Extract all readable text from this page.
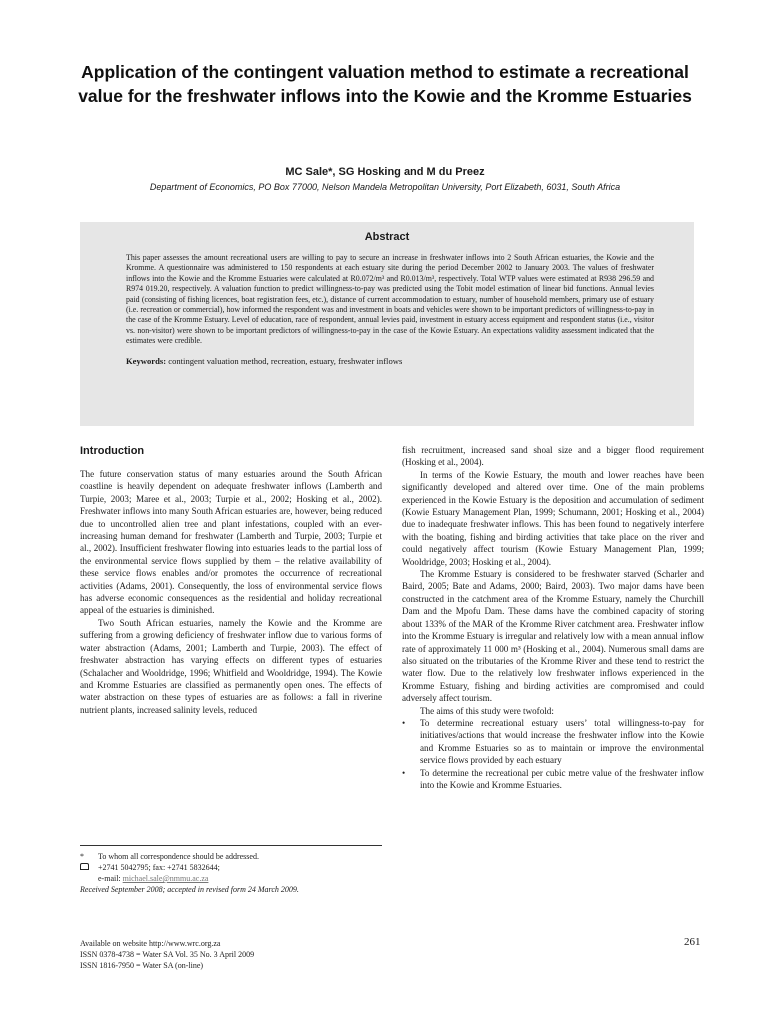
Application of the contingent valuation method to estimate a recreational value for the freshwater inflows into the Kowie and the Kromme Estuaries
MC Sale*, SG Hosking and M du Preez
Department of Economics, PO Box 77000, Nelson Mandela Metropolitan University, Port Elizabeth, 6031, South Africa
Abstract

This paper assesses the amount recreational users are willing to pay to secure an increase in freshwater inflows into 2 South African estuaries, the Kowie and the Kromme. A questionnaire was administered to 150 respondents at each estuary site during the period December 2002 to January 2003. The values of freshwater inflows into the Kowie and the Kromme Estuaries were calculated at R0.072/m³ and R0.013/m³, respectively. Total WTP values were estimated at R938 296.59 and R974 019.20, respectively. A valuation function to predict willingness-to-pay was predicted using the Tobit model estimation of linear bid functions. Annual levies paid (consisting of fishing licences, boat registration fees, etc.), distance of current accommodation to estuary, number of household members, primary use of estuary (i.e. recreation or commercial), how informed the respondent was and investment in boats and vehicles were shown to be important predictors of willingness-to-pay in the case of the Kromme Estuary. Level of education, race of respondent, annual levies paid, investment in estuary access equipment and respondent status (i.e., visitor vs. non-visitor) were shown to be important predictors of willingness-to-pay in the case of the Kowie Estuary. An expectations validity assessment indicated that the estimates were credible.

Keywords: contingent valuation method, recreation, estuary, freshwater inflows

Introduction

The future conservation status of many estuaries around the South African coastline is heavily dependent on adequate freshwater inflows (Lamberth and Turpie, 2003; Maree et al., 2003; Turpie et al., 2002; Hosking et al., 2002). Freshwater inflows into many South African estuaries are, however, being reduced due to uncontrolled alien tree and plant infestations, coupled with an ever-increasing human demand for freshwater (Lamberth and Turpie, 2003; Turpie et al., 2002). Insufficient freshwater flowing into estuaries leads to the partial loss of the environmental service flows supplied by them – the relative availability of these service flows enables and/or promotes the occurrence of recreational activities (Adams, 2001). Consequently, the loss of environmental service flows has adverse economic consequences as the residential and holiday recreational appeal of the estuaries is diminished.

Two South African estuaries, namely the Kowie and the Kromme are suffering from a growing deficiency of freshwater inflow due to various forms of water abstraction (Adams, 2001; Lamberth and Turpie, 2003). The effect of freshwater abstraction has varying effects on different types of estuaries (Schalacher and Wooldridge, 1996; Whitfield and Wooldridge, 1994). The Kowie and Kromme Estuaries are classified as permanently open ones. The effects of water abstraction on these types of estuaries are as follows: a fall in riverine nutrient plants, increased salinity levels, reduced

fish recruitment, increased sand shoal size and a bigger flood requirement (Hosking et al., 2004).

In terms of the Kowie Estuary, the mouth and lower reaches have been significantly developed and altered over time. One of the main problems experienced in the Kowie Estuary is the deposition and accumulation of sediment (Kowie Estuary Management Plan, 1999; Schumann, 2001; Hosking et al., 2004) due to inadequate freshwater inflows. This has been found to negatively interfere with the boating, fishing and birding activities that take place on the river and could negatively affect tourism (Kowie Estuary Management Plan, 1999; Wooldridge, 2003; Hosking et al., 2004).

The Kromme Estuary is considered to be freshwater starved (Scharler and Baird, 2005; Bate and Adams, 2000; Baird, 2003). Two major dams have been constructed in the catchment area of the Kromme Estuary, namely the Churchill Dam and the Mpofu Dam. These dams have the combined capacity of storing about 133% of the MAR of the Kromme River catchment area. Freshwater inflow into the Kromme Estuary is irregular and relatively low with a mean annual inflow rate of approximately 11 000 m³ (Hosking et al., 2004). Numerous small dams are also situated on the tributaries of the Kromme River and these tend to restrict the water flow. Due to the relatively low freshwater inflows experienced in the Kromme Estuary, fishing and birding activities are compromised and could adversely affect tourism.

The aims of this study were twofold:

•	To determine recreational estuary users’ total willingness-to-pay for initiatives/actions that would increase the freshwater inflow into the Kowie and Kromme Estuaries so as to maintain or improve the environmental service flows provided by each estuary
•	To determine the recreational per cubic metre value of the freshwater inflow into the Kowie and Kromme Estuaries.
*	To whom all correspondence should be addressed.
+2741 5042795; fax: +2741 5832644;
e-mail: michael.sale@nmmu.ac.za
Received September 2008; accepted in revised form 24 March 2009.
Available on website http://www.wrc.org.za
ISSN 0378-4738 = Water SA Vol. 35 No. 3 April 2009
ISSN 1816-7950 = Water SA (on-line)
261
